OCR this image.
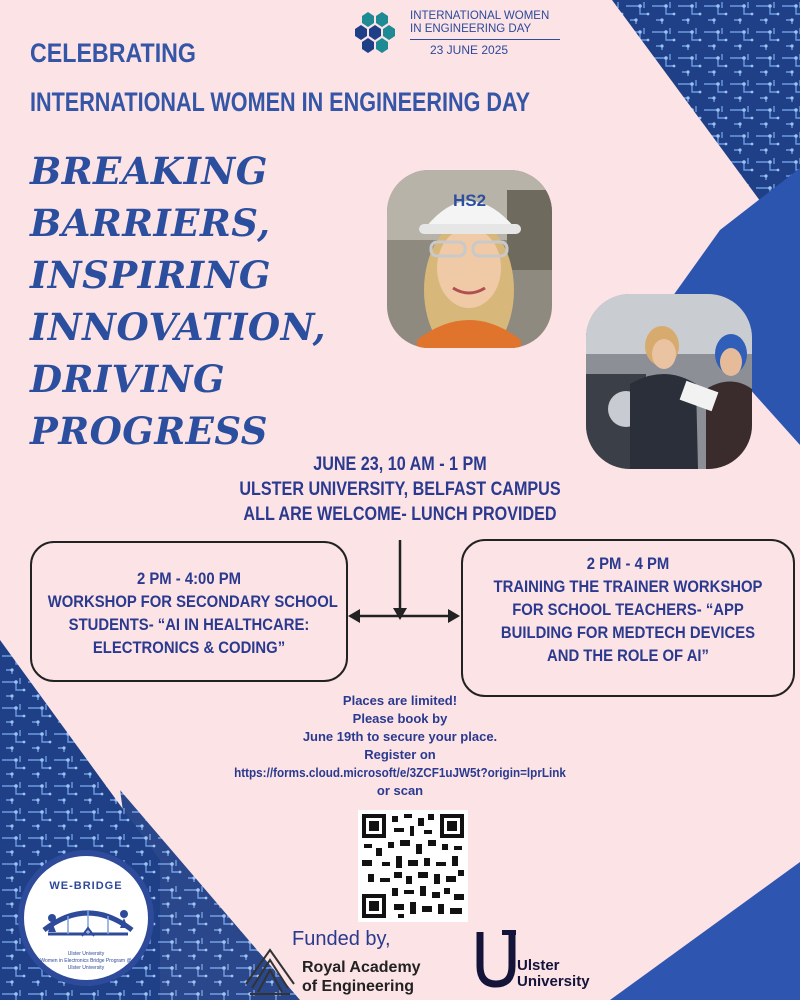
INTERNATIONAL WOMEN
IN ENGINEERING DAY
23 JUNE 2025
CELEBRATING
INTERNATIONAL WOMEN IN ENGINEERING DAY
BREAKING
BARRIERS,
INSPIRING
INNOVATION,
DRIVING
PROGRESS
HS2
JUNE 23, 10 AM - 1 PM
ULSTER UNIVERSITY, BELFAST CAMPUS
ALL ARE WELCOME- LUNCH PROVIDED
2 PM - 4:00 PM
WORKSHOP FOR SECONDARY SCHOOL
STUDENTS- “AI IN HEALTHCARE:
ELECTRONICS & CODING”
2 PM - 4 PM
TRAINING THE TRAINER WORKSHOP
FOR SCHOOL TEACHERS- “APP
BUILDING FOR MEDTECH DEVICES
AND THE ROLE OF AI”
Places are limited!
Please book by
June 19th to secure your place.
Register on
https://forms.cloud.microsoft/e/3ZCF1uJW5t?origin=lprLink
or scan
Funded by,
Royal Academy
of Engineering
Ulster
University
WE-BRIDGE
Ulster University
Women in Electronics Bridge Program @ Ulster University
